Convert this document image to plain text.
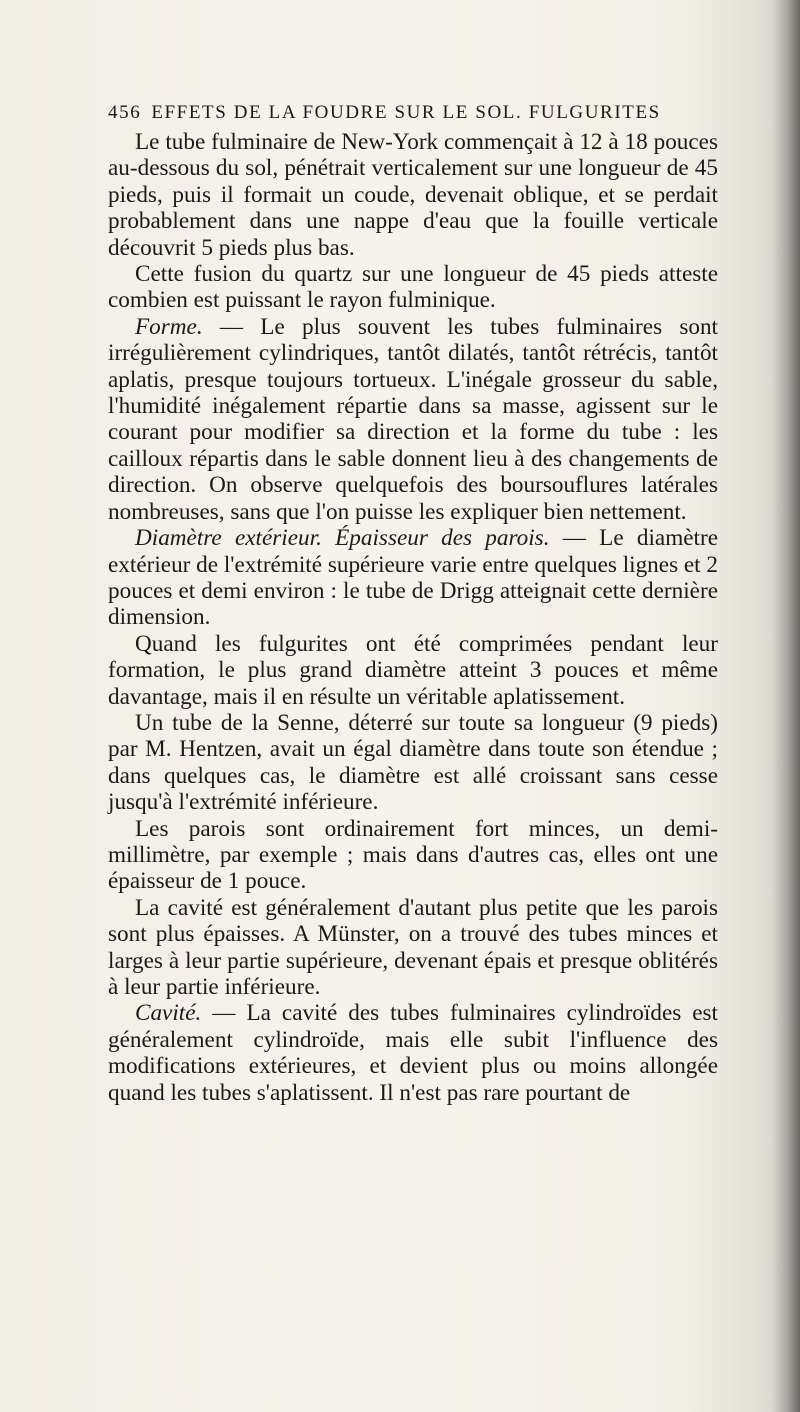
456 EFFETS DE LA FOUDRE SUR LE SOL. FULGURITES

Le tube fulminaire de New-York commençait à 12 à 18 pouces au-dessous du sol, pénétrait verticalement sur une longueur de 45 pieds, puis il formait un coude, devenait oblique, et se perdait probablement dans une nappe d'eau que la fouille verticale découvrit 5 pieds plus bas.

Cette fusion du quartz sur une longueur de 45 pieds atteste combien est puissant le rayon fulminique.

Forme. — Le plus souvent les tubes fulminaires sont irrégulièrement cylindriques, tantôt dilatés, tantôt rétrécis, tantôt aplatis, presque toujours tortueux. L'inégale grosseur du sable, l'humidité inégalement répartie dans sa masse, agissent sur le courant pour modifier sa direction et la forme du tube : les cailloux répartis dans le sable donnent lieu à des changements de direction. On observe quelquefois des boursouflures latérales nombreuses, sans que l'on puisse les expliquer bien nettement.

Diamètre extérieur. Épaisseur des parois. — Le diamètre extérieur de l'extrémité supérieure varie entre quelques lignes et 2 pouces et demi environ : le tube de Drigg atteignait cette dernière dimension.

Quand les fulgurites ont été comprimées pendant leur formation, le plus grand diamètre atteint 3 pouces et même davantage, mais il en résulte un véritable aplatissement.

Un tube de la Senne, déterré sur toute sa longueur (9 pieds) par M. Hentzen, avait un égal diamètre dans toute son étendue ; dans quelques cas, le diamètre est allé croissant sans cesse jusqu'à l'extrémité inférieure.

Les parois sont ordinairement fort minces, un demi-millimètre, par exemple ; mais dans d'autres cas, elles ont une épaisseur de 1 pouce.

La cavité est généralement d'autant plus petite que les parois sont plus épaisses. A Münster, on a trouvé des tubes minces et larges à leur partie supérieure, devenant épais et presque oblitérés à leur partie inférieure.

Cavité. — La cavité des tubes fulminaires cylindroïdes est généralement cylindroïde, mais elle subit l'influence des modifications extérieures, et devient plus ou moins allongée quand les tubes s'aplatissent. Il n'est pas rare pourtant de
